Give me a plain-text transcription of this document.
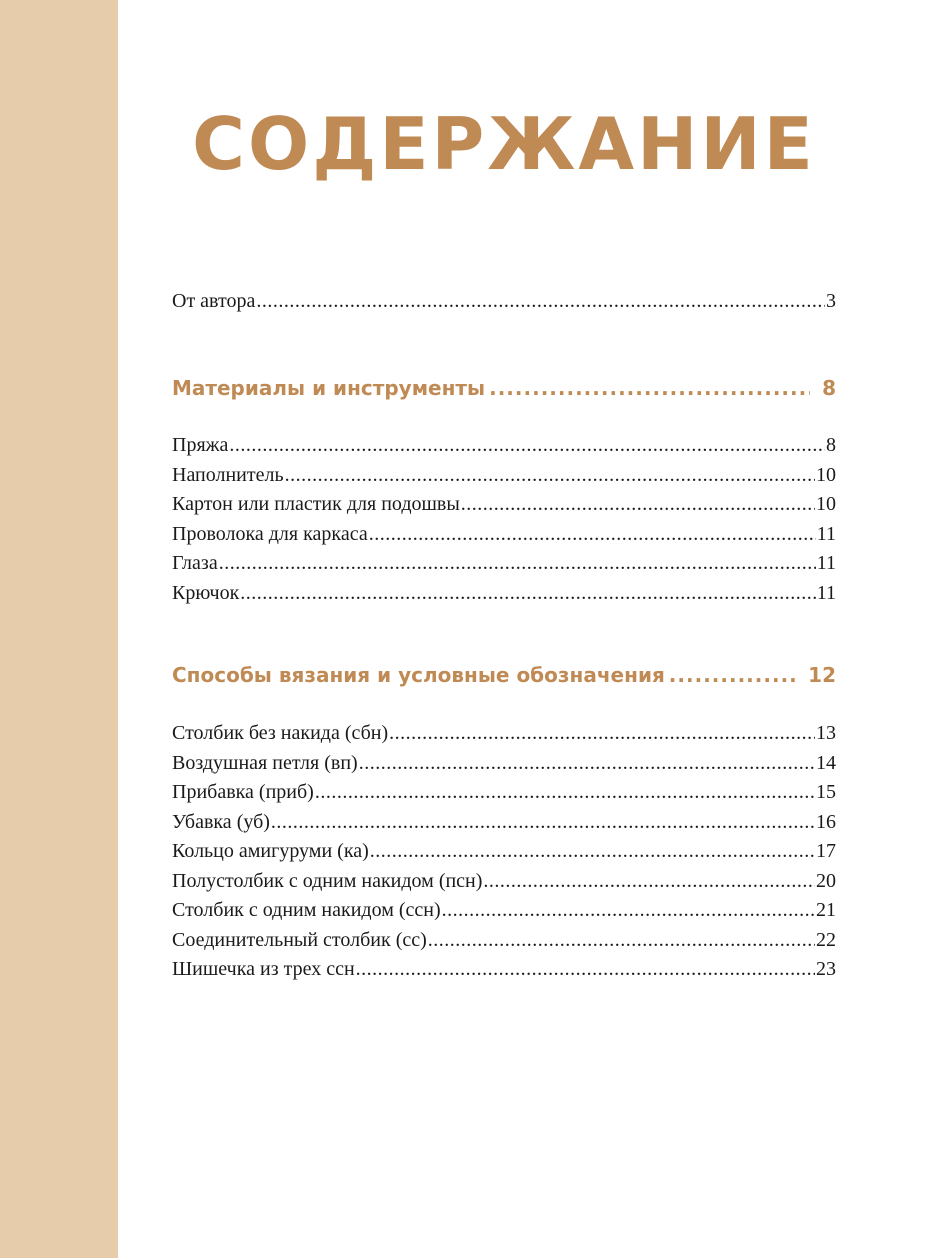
СОДЕРЖАНИЕ
От автора .....	3
Материалы и инструменты .....	8
Пряжа .....	8
Наполнитель .....	10
Картон или пластик для подошвы .....	10
Проволока для каркаса .....	11
Глаза .....	11
Крючок .....	11
Способы вязания и условные обозначения .....	12
Столбик без накида (сбн) .....	13
Воздушная петля (вп) .....	14
Прибавка (приб) .....	15
Убавка (уб) .....	16
Кольцо амигуруми (ка) .....	17
Полустолбик с одним накидом (псн) .....	20
Столбик с одним накидом (ссн) .....	21
Соединительный столбик (сс) .....	22
Шишечка из трех ссн .....	23
